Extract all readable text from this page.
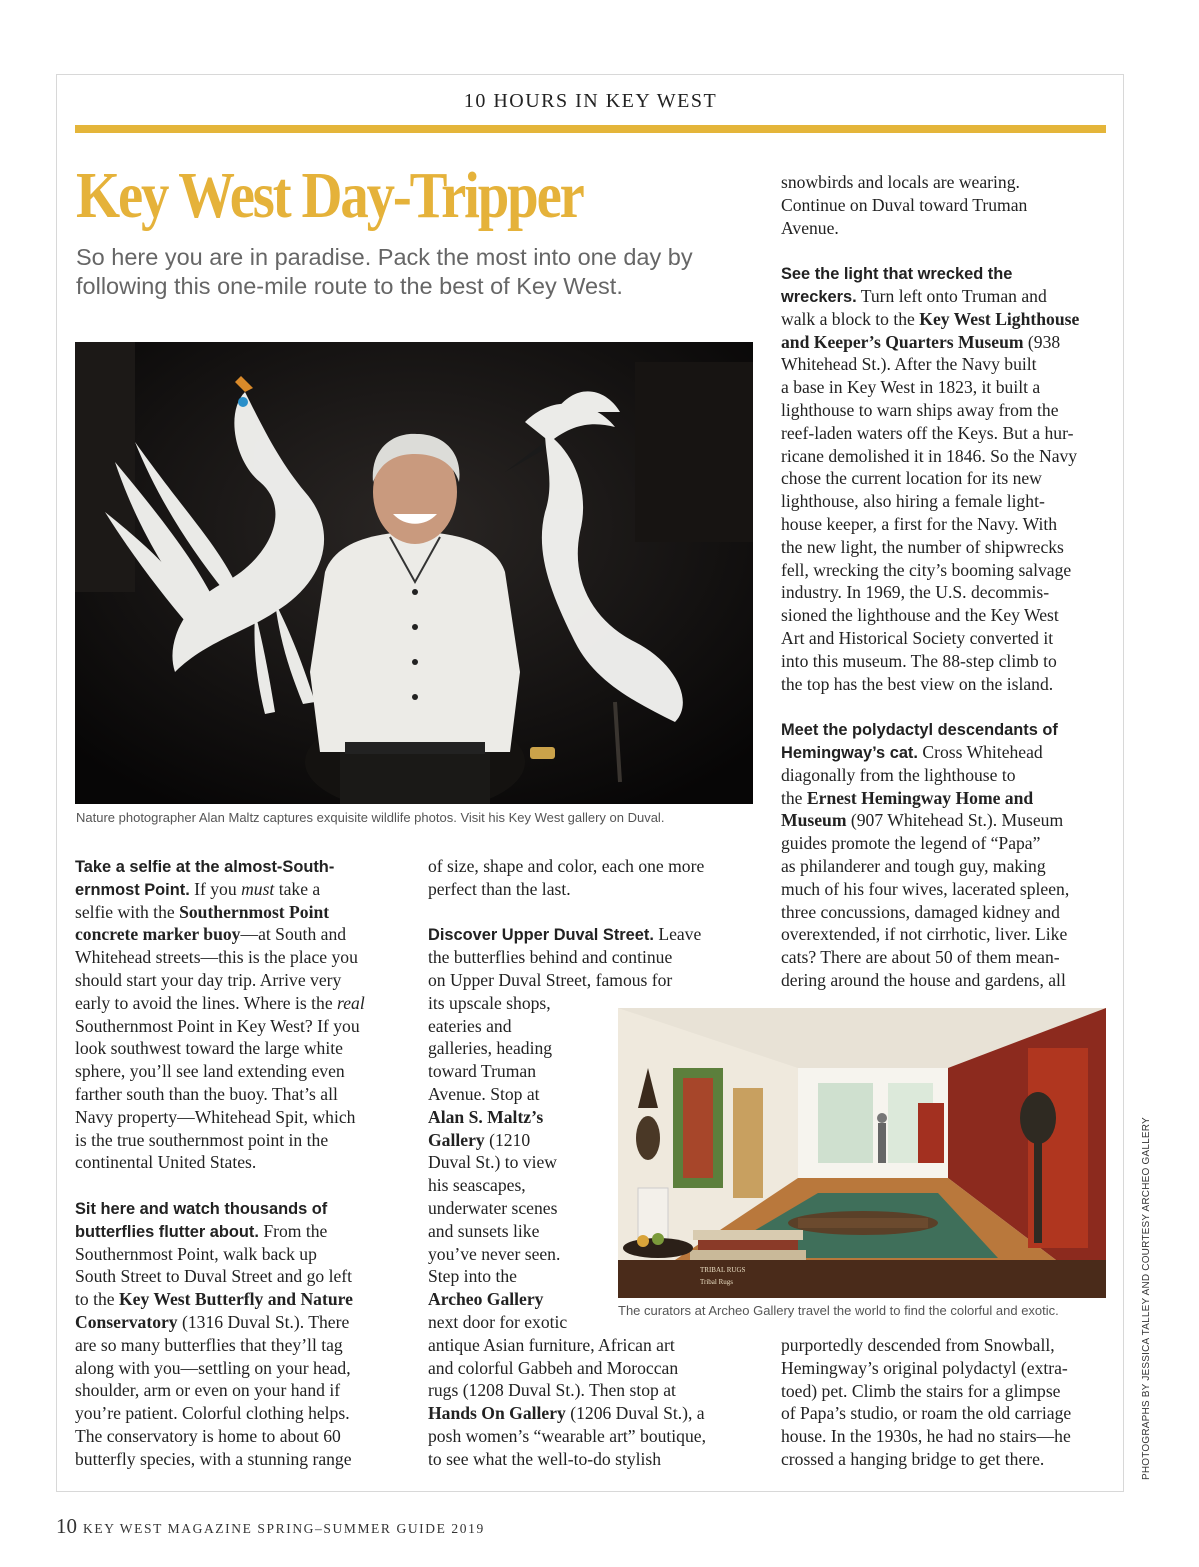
10 HOURS IN KEY WEST
Key West Day-Tripper
So here you are in paradise. Pack the most into one day by
following this one-mile route to the best of Key West.
Nature photographer Alan Maltz captures exquisite wildlife photos. Visit his Key West gallery on Duval.
TRIBAL RUGS
Tribal Rugs
The curators at Archeo Gallery travel the world to find the colorful and exotic.
Take a selfie at the almost-South-
ernmost Point. If you must take a
selfie with the Southernmost Point
concrete marker buoy—at South and
Whitehead streets—this is the place you
should start your day trip. Arrive very
early to avoid the lines. Where is the real
Southernmost Point in Key West? If you
look southwest toward the large white
sphere, you’ll see land extending even
farther south than the buoy. That’s all
Navy property—Whitehead Spit, which
is the true southernmost point in the
continental United States.
Sit here and watch thousands of
butterflies flutter about. From the
Southernmost Point, walk back up
South Street to Duval Street and go left
to the Key West Butterfly and Nature
Conservatory (1316 Duval St.). There
are so many butterflies that they’ll tag
along with you—settling on your head,
shoulder, arm or even on your hand if
you’re patient. Colorful clothing helps.
The conservatory is home to about 60
butterfly species, with a stunning range
of size, shape and color, each one more
perfect than the last.
Discover Upper Duval Street. Leave
the butterflies behind and continue
on Upper Duval Street, famous for
its upscale shops,
eateries and
galleries, heading
toward Truman
Avenue. Stop at
Alan S. Maltz’s
Gallery (1210
Duval St.) to view
his seascapes,
underwater scenes
and sunsets like
you’ve never seen.
Step into the
Archeo Gallery
next door for exotic
antique Asian furniture, African art
and colorful Gabbeh and Moroccan
rugs (1208 Duval St.). Then stop at
Hands On Gallery (1206 Duval St.), a
posh women’s “wearable art” boutique,
to see what the well-to-do stylish
snowbirds and locals are wearing.
Continue on Duval toward Truman
Avenue.
See the light that wrecked the
wreckers. Turn left onto Truman and
walk a block to the Key West Lighthouse
and Keeper’s Quarters Museum (938
Whitehead St.). After the Navy built
a base in Key West in 1823, it built a
lighthouse to warn ships away from the
reef-laden waters off the Keys. But a hur-
ricane demolished it in 1846. So the Navy
chose the current location for its new
lighthouse, also hiring a female light-
house keeper, a first for the Navy. With
the new light, the number of shipwrecks
fell, wrecking the city’s booming salvage
industry. In 1969, the U.S. decommis-
sioned the lighthouse and the Key West
Art and Historical Society converted it
into this museum. The 88-step climb to
the top has the best view on the island.
Meet the polydactyl descendants of
Hemingway’s cat. Cross Whitehead
diagonally from the lighthouse to
the Ernest Hemingway Home and
Museum (907 Whitehead St.). Museum
guides promote the legend of “Papa”
as philanderer and tough guy, making
much of his four wives, lacerated spleen,
three concussions, damaged kidney and
overextended, if not cirrhotic, liver. Like
cats? There are about 50 of them mean-
dering around the house and gardens, all
purportedly descended from Snowball,
Hemingway’s original polydactyl (extra-
toed) pet. Climb the stairs for a glimpse
of Papa’s studio, or roam the old carriage
house. In the 1930s, he had no stairs—he
crossed a hanging bridge to get there.	PHOTOGRAPHS BY JESSICA TALLEY AND COURTESY ARCHEO GALLERY
10 KEY WEST MAGAZINE SPRING–SUMMER GUIDE 2019
